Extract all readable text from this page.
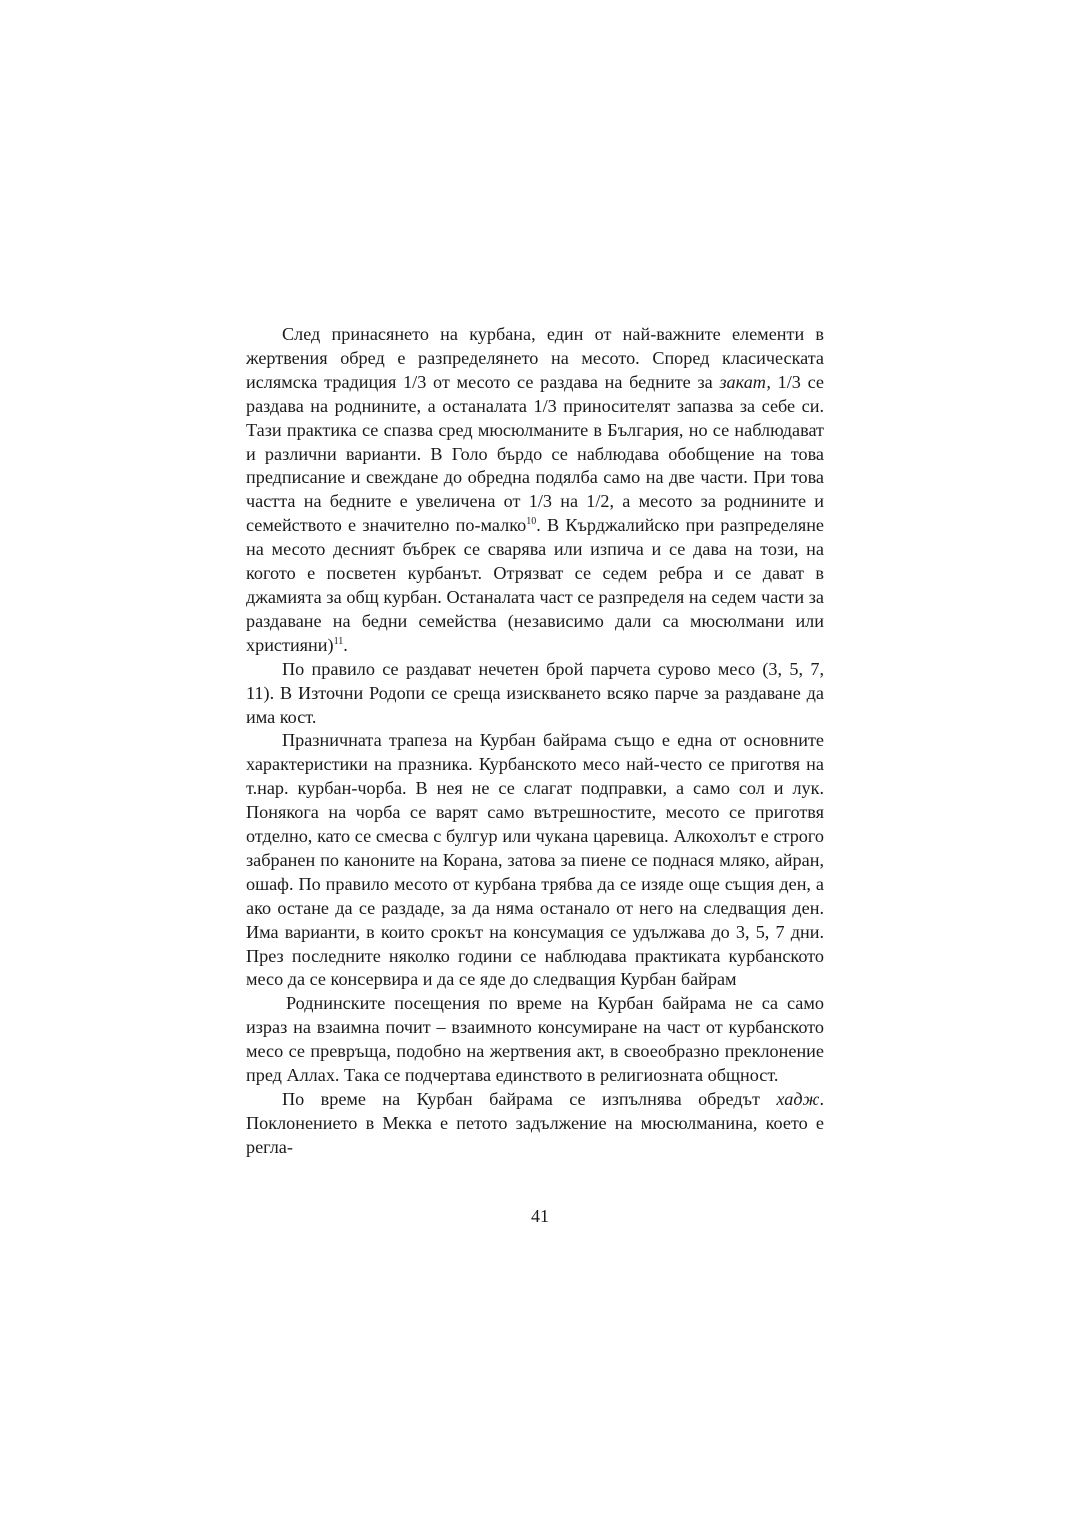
След принасянето на курбана, един от най-важните елементи в жертвения обред е разпределянето на месото. Според класическата ислямска традиция 1/3 от месото се раздава на бедните за закат, 1/3 се раздава на роднините, а останалата 1/3 приносителят запазва за себе си. Тази практика се спазва сред мюсюлманите в България, но се наблюдават и различни варианти. В Голо бърдо се наблюдава обобщение на това предписание и свеждане до обредна подялба само на две части. При това частта на бедните е увеличена от 1/3 на 1/2, а месото за роднините и семейството е значително по-малко$^{10}$. В Кърджалийско при разпределяне на месото десният бъбрек се сварява или изпича и се дава на този, на когото е посветен курбанът. Отрязват се седем ребра и се дават в джамията за общ курбан. Останалата част се разпределя на седем части за раздаване на бедни семейства (независимо дали са мюсюлмани или християни)$^{11}$.

По правило се раздават нечетен брой парчета сурово месо (3, 5, 7, 11). В Източни Родопи се среща изискването всяко парче за раздаване да има кост.

Празничната трапеза на Курбан байрама също е една от основните характеристики на празника. Курбанското месо най-често се приготвя на т.нар. курбан-чорба. В нея не се слагат подправки, а само сол и лук. Понякога на чорба се варят само вътрешностите, месото се приготвя отделно, като се смесва с булгур или чукана царевица. Алкохолът е строго забранен по каноните на Корана, затова за пиене се поднася мляко, айран, ошаф. По правило месото от курбана трябва да се изяде още същия ден, а ако остане да се раздаде, за да няма останало от него на следващия ден. Има варианти, в които срокът на консумация се удължава до 3, 5, 7 дни. През последните няколко години се наблюдава практиката курбанското месо да се консервира и да се яде до следващия Курбан байрам

Роднинските посещения по време на Курбан байрама не са само израз на взаимна почит – взаимното консумиране на част от курбанското месо се превръща, подобно на жертвения акт, в своеобразно преклонение пред Аллах. Така се подчертава единството в религиозната общност.

По време на Курбан байрама се изпълнява обредът хадж. Поклонението в Мекка е петото задължение на мюсюлманина, което е регла-

41
